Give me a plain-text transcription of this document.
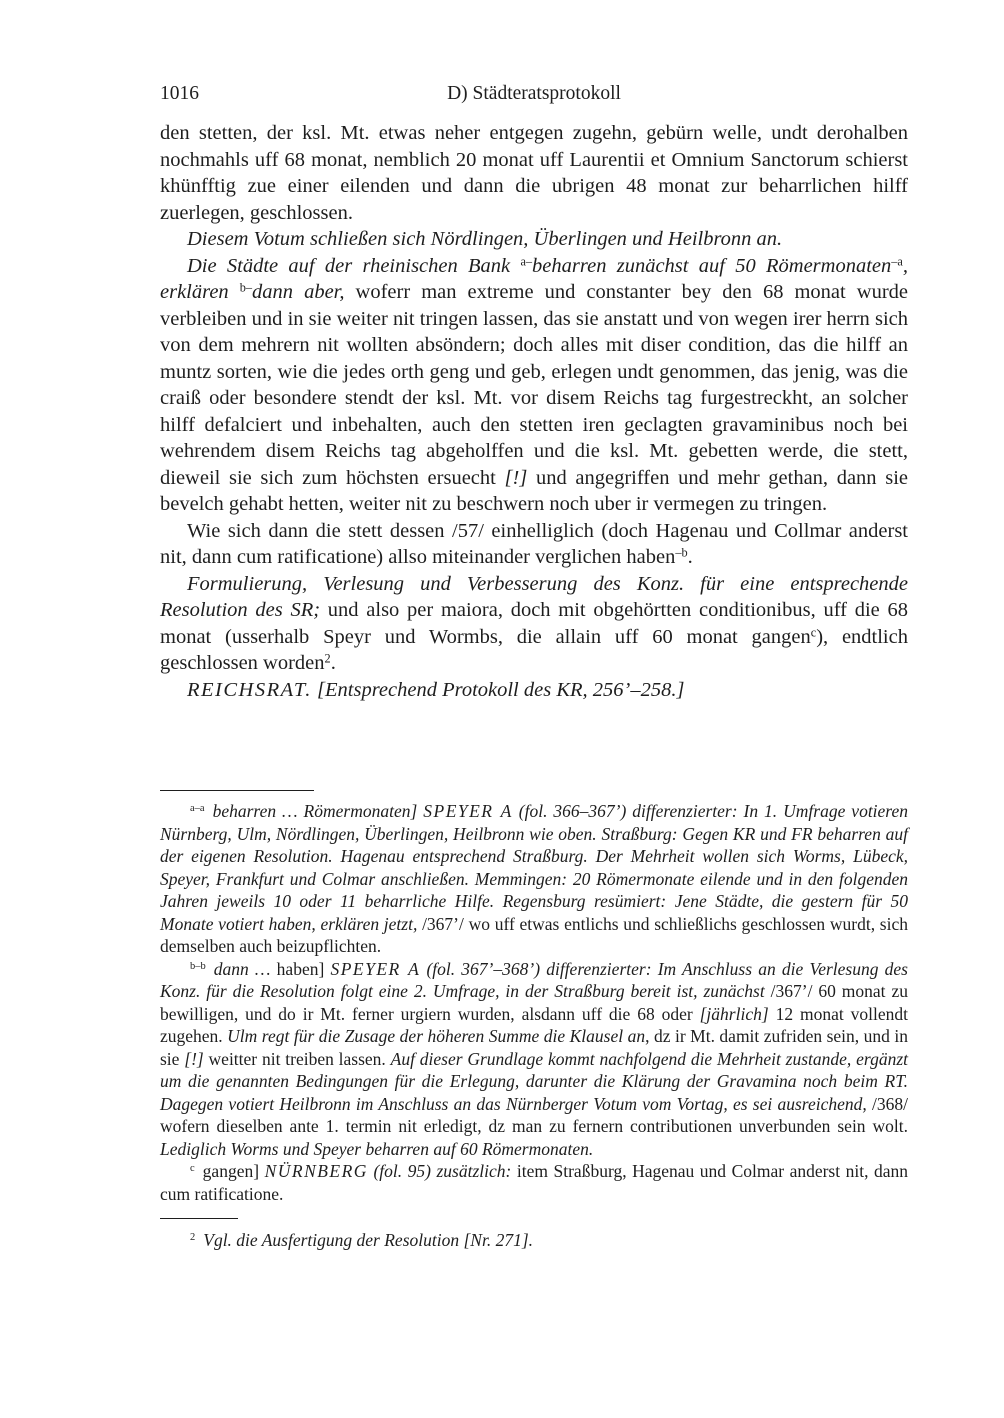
1016	D) Städteratsprotokoll

den stetten, der ksl. Mt. etwas neher entgegen zugehn, gebürn welle, undt derohalben nochmahls uff 68 monat, nemblich 20 monat uff Laurentii et Omnium Sanctorum schierst khünfftig zue einer eilenden und dann die ubrigen 48 monat zur beharrlichen hilff zuerlegen, geschlossen.

Diesem Votum schließen sich Nördlingen, Überlingen und Heilbronn an.

Die Städte auf der rheinischen Bank $^{a-}$beharren zunächst auf 50 Römermonaten$^{-a}$, erklären $^{b-}$dann aber, woferr man extreme und constanter bey den 68 monat wurde verbleiben und in sie weiter nit tringen lassen, das sie anstatt und von wegen irer herrn sich von dem mehrern nit wollten absöndern; doch alles mit diser condition, das die hilff an muntz sorten, wie die jedes orth geng und geb, erlegen undt genommen, das jenig, was die craiß oder besondere stendt der ksl. Mt. vor disem Reichs tag furgestreckht, an solcher hilff defalciert und inbehalten, auch den stetten iren geclagten gravaminibus noch bei wehrendem disem Reichs tag abgeholffen und die ksl. Mt. gebetten werde, die stett, dieweil sie sich zum höchsten ersuecht [!] und angegriffen und mehr gethan, dann sie bevelch gehabt hetten, weiter nit zu beschwern noch uber ir vermegen zu tringen.

Wie sich dann die stett dessen /57/ einhelliglich (doch Hagenau und Collmar anderst nit, dann cum ratificatione) allso miteinander verglichen haben$^{-b}$.

Formulierung, Verlesung und Verbesserung des Konz. für eine entsprechende Resolution des SR; und also per maiora, doch mit obgehörtten conditionibus, uff die 68 monat (usserhalb Speyr und Wormbs, die allain uff 60 monat gangen$^c$), endtlich geschlossen worden$^2$.

REICHSRAT. [Entsprechend Protokoll des KR, 256’–258.]

$^{a-a}$ beharren … Römermonaten] SPEYER A (fol. 366–367’) differenzierter: In 1. Umfrage votieren Nürnberg, Ulm, Nördlingen, Überlingen, Heilbronn wie oben. Straßburg: Gegen KR und FR beharren auf der eigenen Resolution. Hagenau entsprechend Straßburg. Der Mehrheit wollen sich Worms, Lübeck, Speyer, Frankfurt und Colmar anschließen. Memmingen: 20 Römermonate eilende und in den folgenden Jahren jeweils 10 oder 11 beharrliche Hilfe. Regensburg resümiert: Jene Städte, die gestern für 50 Monate votiert haben, erklären jetzt, /367’/ wo uff etwas entlichs und schließlichs geschlossen wurdt, sich demselben auch beizupflichten.

$^{b-b}$ dann … haben] SPEYER A (fol. 367’–368’) differenzierter: Im Anschluss an die Verlesung des Konz. für die Resolution folgt eine 2. Umfrage, in der Straßburg bereit ist, zunächst /367’/ 60 monat zu bewilligen, und do ir Mt. ferner urgiern wurden, alsdann uff die 68 oder [jährlich] 12 monat vollendt zugehen. Ulm regt für die Zusage der höheren Summe die Klausel an, dz ir Mt. damit zufriden sein, und in sie [!] weitter nit treiben lassen. Auf dieser Grundlage kommt nachfolgend die Mehrheit zustande, ergänzt um die genannten Bedingungen für die Erlegung, darunter die Klärung der Gravamina noch beim RT. Dagegen votiert Heilbronn im Anschluss an das Nürnberger Votum vom Vortag, es sei ausreichend, /368/ wofern dieselben ante 1. termin nit erledigt, dz man zu fernern contributionen unverbunden sein wolt. Lediglich Worms und Speyer beharren auf 60 Römermonaten.

$^c$ gangen] NÜRNBERG (fol. 95) zusätzlich: item Straßburg, Hagenau und Colmar anderst nit, dann cum ratificatione.

$^2$ Vgl. die Ausfertigung der Resolution [Nr. 271].
